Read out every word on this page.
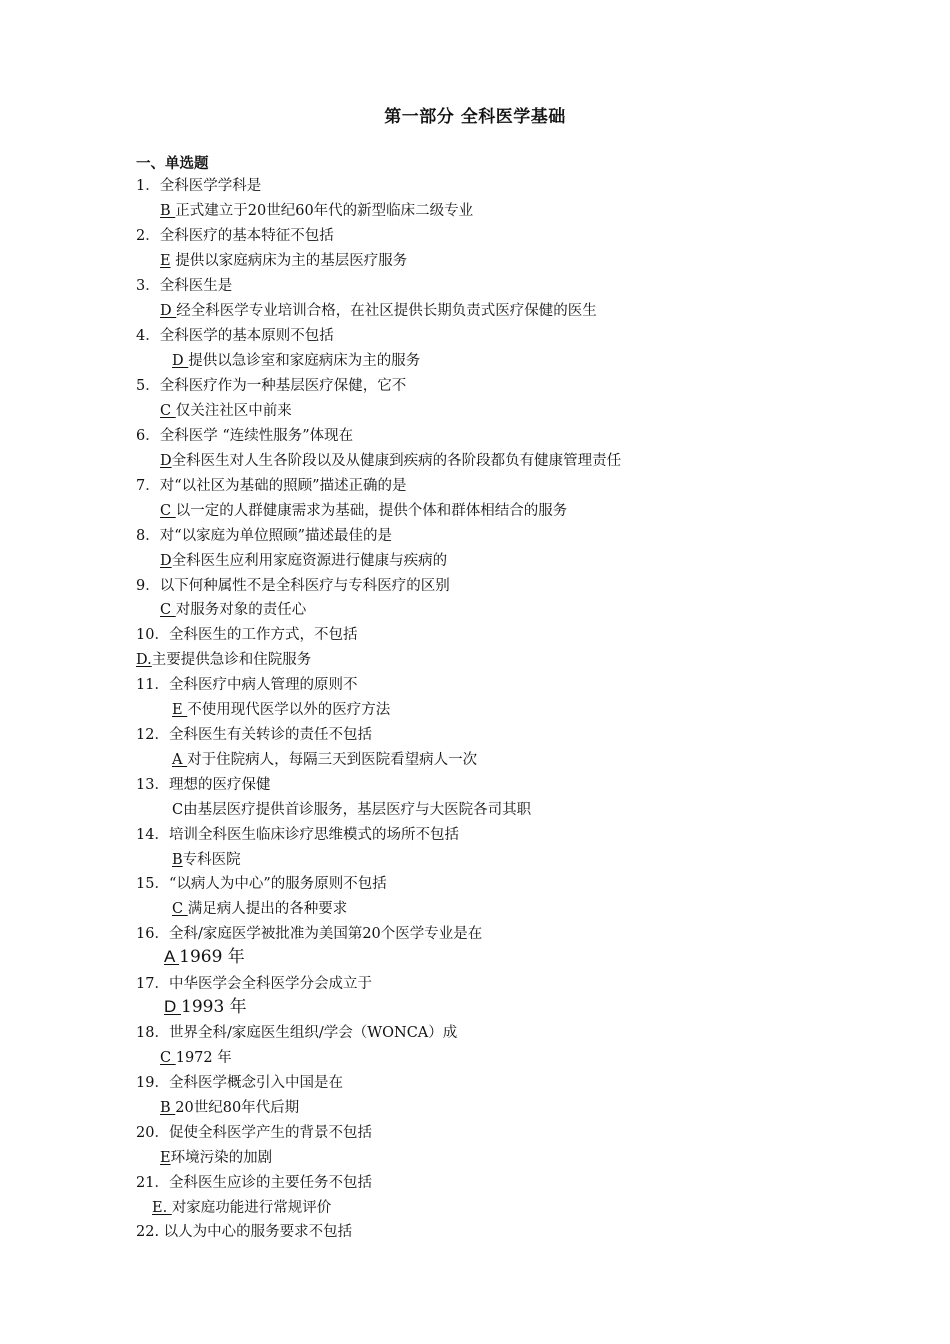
第一部分 全科医学基础
一、单选题
1．全科医学学科是
B 正式建立于20世纪60年代的新型临床二级专业
2．全科医疗的基本特征不包括
E 提供以家庭病床为主的基层医疗服务
3．全科医生是
D 经全科医学专业培训合格，在社区提供长期负责式医疗保健的医生
4．全科医学的基本原则不包括
D 提供以急诊室和家庭病床为主的服务
5．全科医疗作为一种基层医疗保健，它不
C 仅关注社区中前来
6．全科医学 “连续性服务”体现在
D全科医生对人生各阶段以及从健康到疾病的各阶段都负有健康管理责任
7．对“以社区为基础的照顾”描述正确的是
C 以一定的人群健康需求为基础，提供个体和群体相结合的服务
8．对“以家庭为单位照顾”描述最佳的是
D全科医生应利用家庭资源进行健康与疾病的
9．以下何种属性不是全科医疗与专科医疗的区别
C 对服务对象的责任心
10．全科医生的工作方式，不包括
D.主要提供急诊和住院服务
11．全科医疗中病人管理的原则不
E 不使用现代医学以外的医疗方法
12．全科医生有关转诊的责任不包括
A 对于住院病人，每隔三天到医院看望病人一次
13．理想的医疗保健
C由基层医疗提供首诊服务，基层医疗与大医院各司其职
14．培训全科医生临床诊疗思维模式的场所不包括
B专科医院
15．“以病人为中心”的服务原则不包括
C 满足病人提出的各种要求
16．全科/家庭医学被批准为美国第20个医学专业是在
A 1969 年
17．中华医学会全科医学分会成立于
D 1993 年
18．世界全科/家庭医生组织/学会（WONCA）成
C 1972 年
19．全科医学概念引入中国是在
B 20世纪80年代后期
20．促使全科医学产生的背景不包括
E环境污染的加剧
21．全科医生应诊的主要任务不包括
E. 对家庭功能进行常规评价
22. 以人为中心的服务要求不包括
